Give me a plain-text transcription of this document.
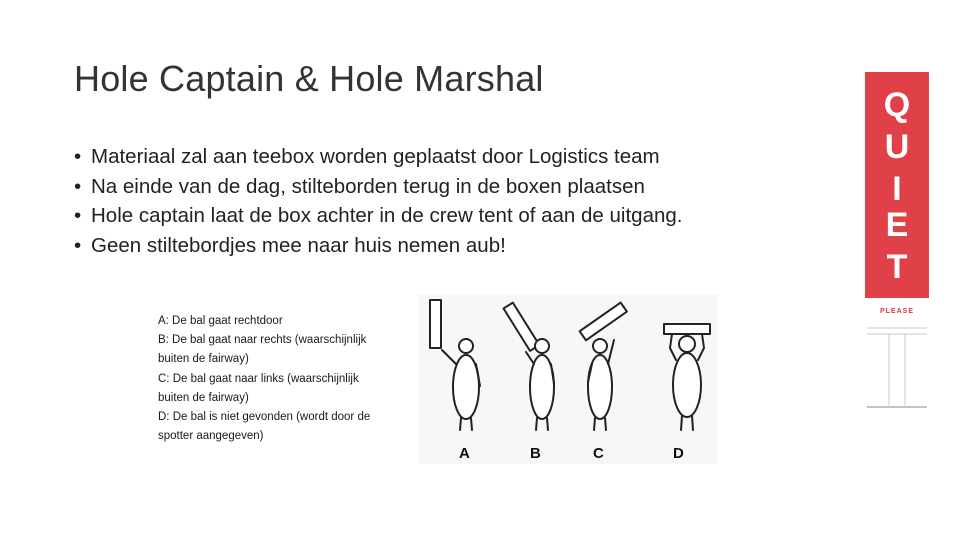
Hole Captain & Hole Marshal
• Materiaal zal aan teebox worden geplaatst door Logistics team
• Na einde van de dag, stilteborden terug in de boxen plaatsen
• Hole captain laat de box achter in de crew tent of aan de uitgang.
• Geen stiltebordjes mee naar huis nemen aub!
A: De bal gaat rechtdoor
B: De bal gaat naar rechts (waarschijnlijk
buiten de fairway)
C: De bal gaat naar links (waarschijnlijk
buiten de fairway)
D: De bal is niet gevonden (wordt door de
spotter aangegeven)
A	B	C	D
Q
U
I
E
T
PLEASE
